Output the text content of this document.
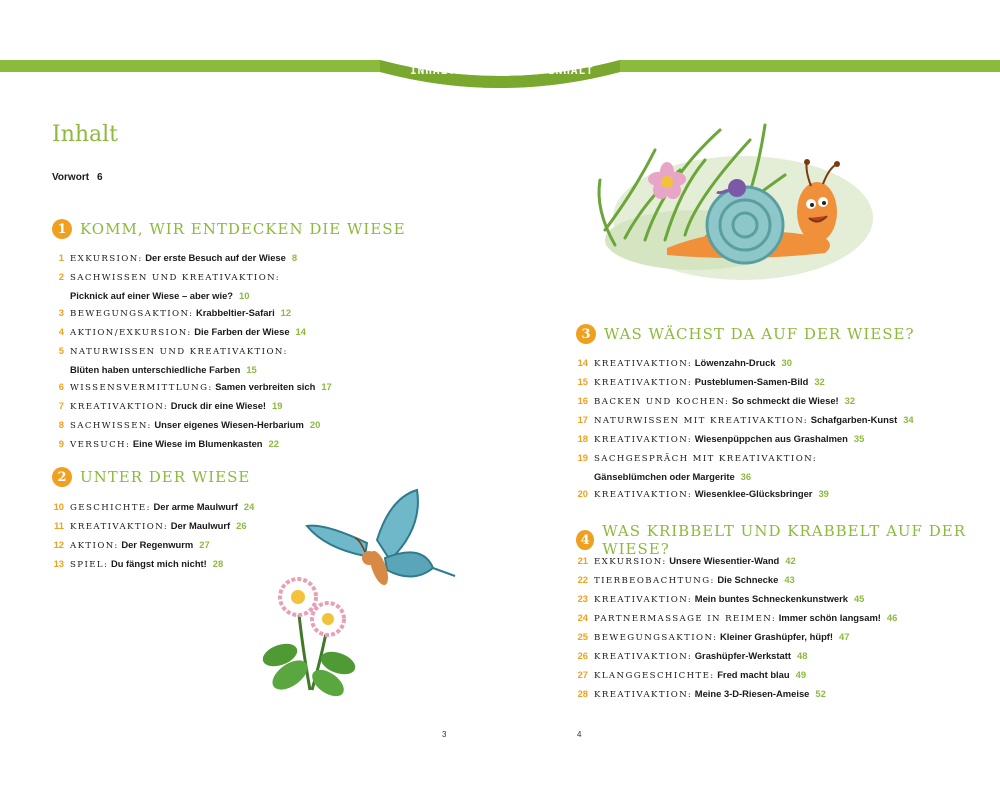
INHALT	INHALT
Inhalt
Vorwort 6
1 KOMM, WIR ENTDECKEN DIE WIESE
1 EXKURSION: Der erste Besuch auf der Wiese 8
2 SACHWISSEN UND KREATIVAKTION:
Picknick auf einer Wiese – aber wie? 10
3 BEWEGUNGSAKTION: Krabbeltier-Safari 12
4 AKTION/EXKURSION: Die Farben der Wiese 14
5 NATURWISSEN UND KREATIVAKTION:
Blüten haben unterschiedliche Farben 15
6 WISSENSVERMITTLUNG: Samen verbreiten sich 17
7 KREATIVAKTION: Druck dir eine Wiese! 19
8 SACHWISSEN: Unser eigenes Wiesen-Herbarium 20
9 VERSUCH: Eine Wiese im Blumenkasten 22
2 UNTER DER WIESE
10 GESCHICHTE: Der arme Maulwurf 24
11 KREATIVAKTION: Der Maulwurf 26
12 AKTION: Der Regenwurm 27
13 SPIEL: Du fängst mich nicht! 28
3 WAS WÄCHST DA AUF DER WIESE?
14 KREATIVAKTION: Löwenzahn-Druck 30
15 KREATIVAKTION: Pusteblumen-Samen-Bild 32
16 BACKEN UND KOCHEN: So schmeckt die Wiese! 32
17 NATURWISSEN MIT KREATIVAKTION: Schafgarben-Kunst 34
18 KREATIVAKTION: Wiesenpüppchen aus Grashalmen 35
19 SACHGESPRÄCH MIT KREATIVAKTION:
Gänseblümchen oder Margerite 36
20 KREATIVAKTION: Wiesenklee-Glücksbringer 39
4 WAS KRIBBELT UND KRABBELT AUF DER WIESE?
21 EXKURSION: Unsere Wiesentier-Wand 42
22 TIERBEOBACHTUNG: Die Schnecke 43
23 KREATIVAKTION: Mein buntes Schneckenkunstwerk 45
24 PARTNERMASSAGE IN REIMEN: Immer schön langsam! 46
25 BEWEGUNGSAKTION: Kleiner Grashüpfer, hüpf! 47
26 KREATIVAKTION: Grashüpfer-Werkstatt 48
27 KLANGGESCHICHTE: Fred macht blau 49
28 KREATIVAKTION: Meine 3-D-Riesen-Ameise 52
3	4
